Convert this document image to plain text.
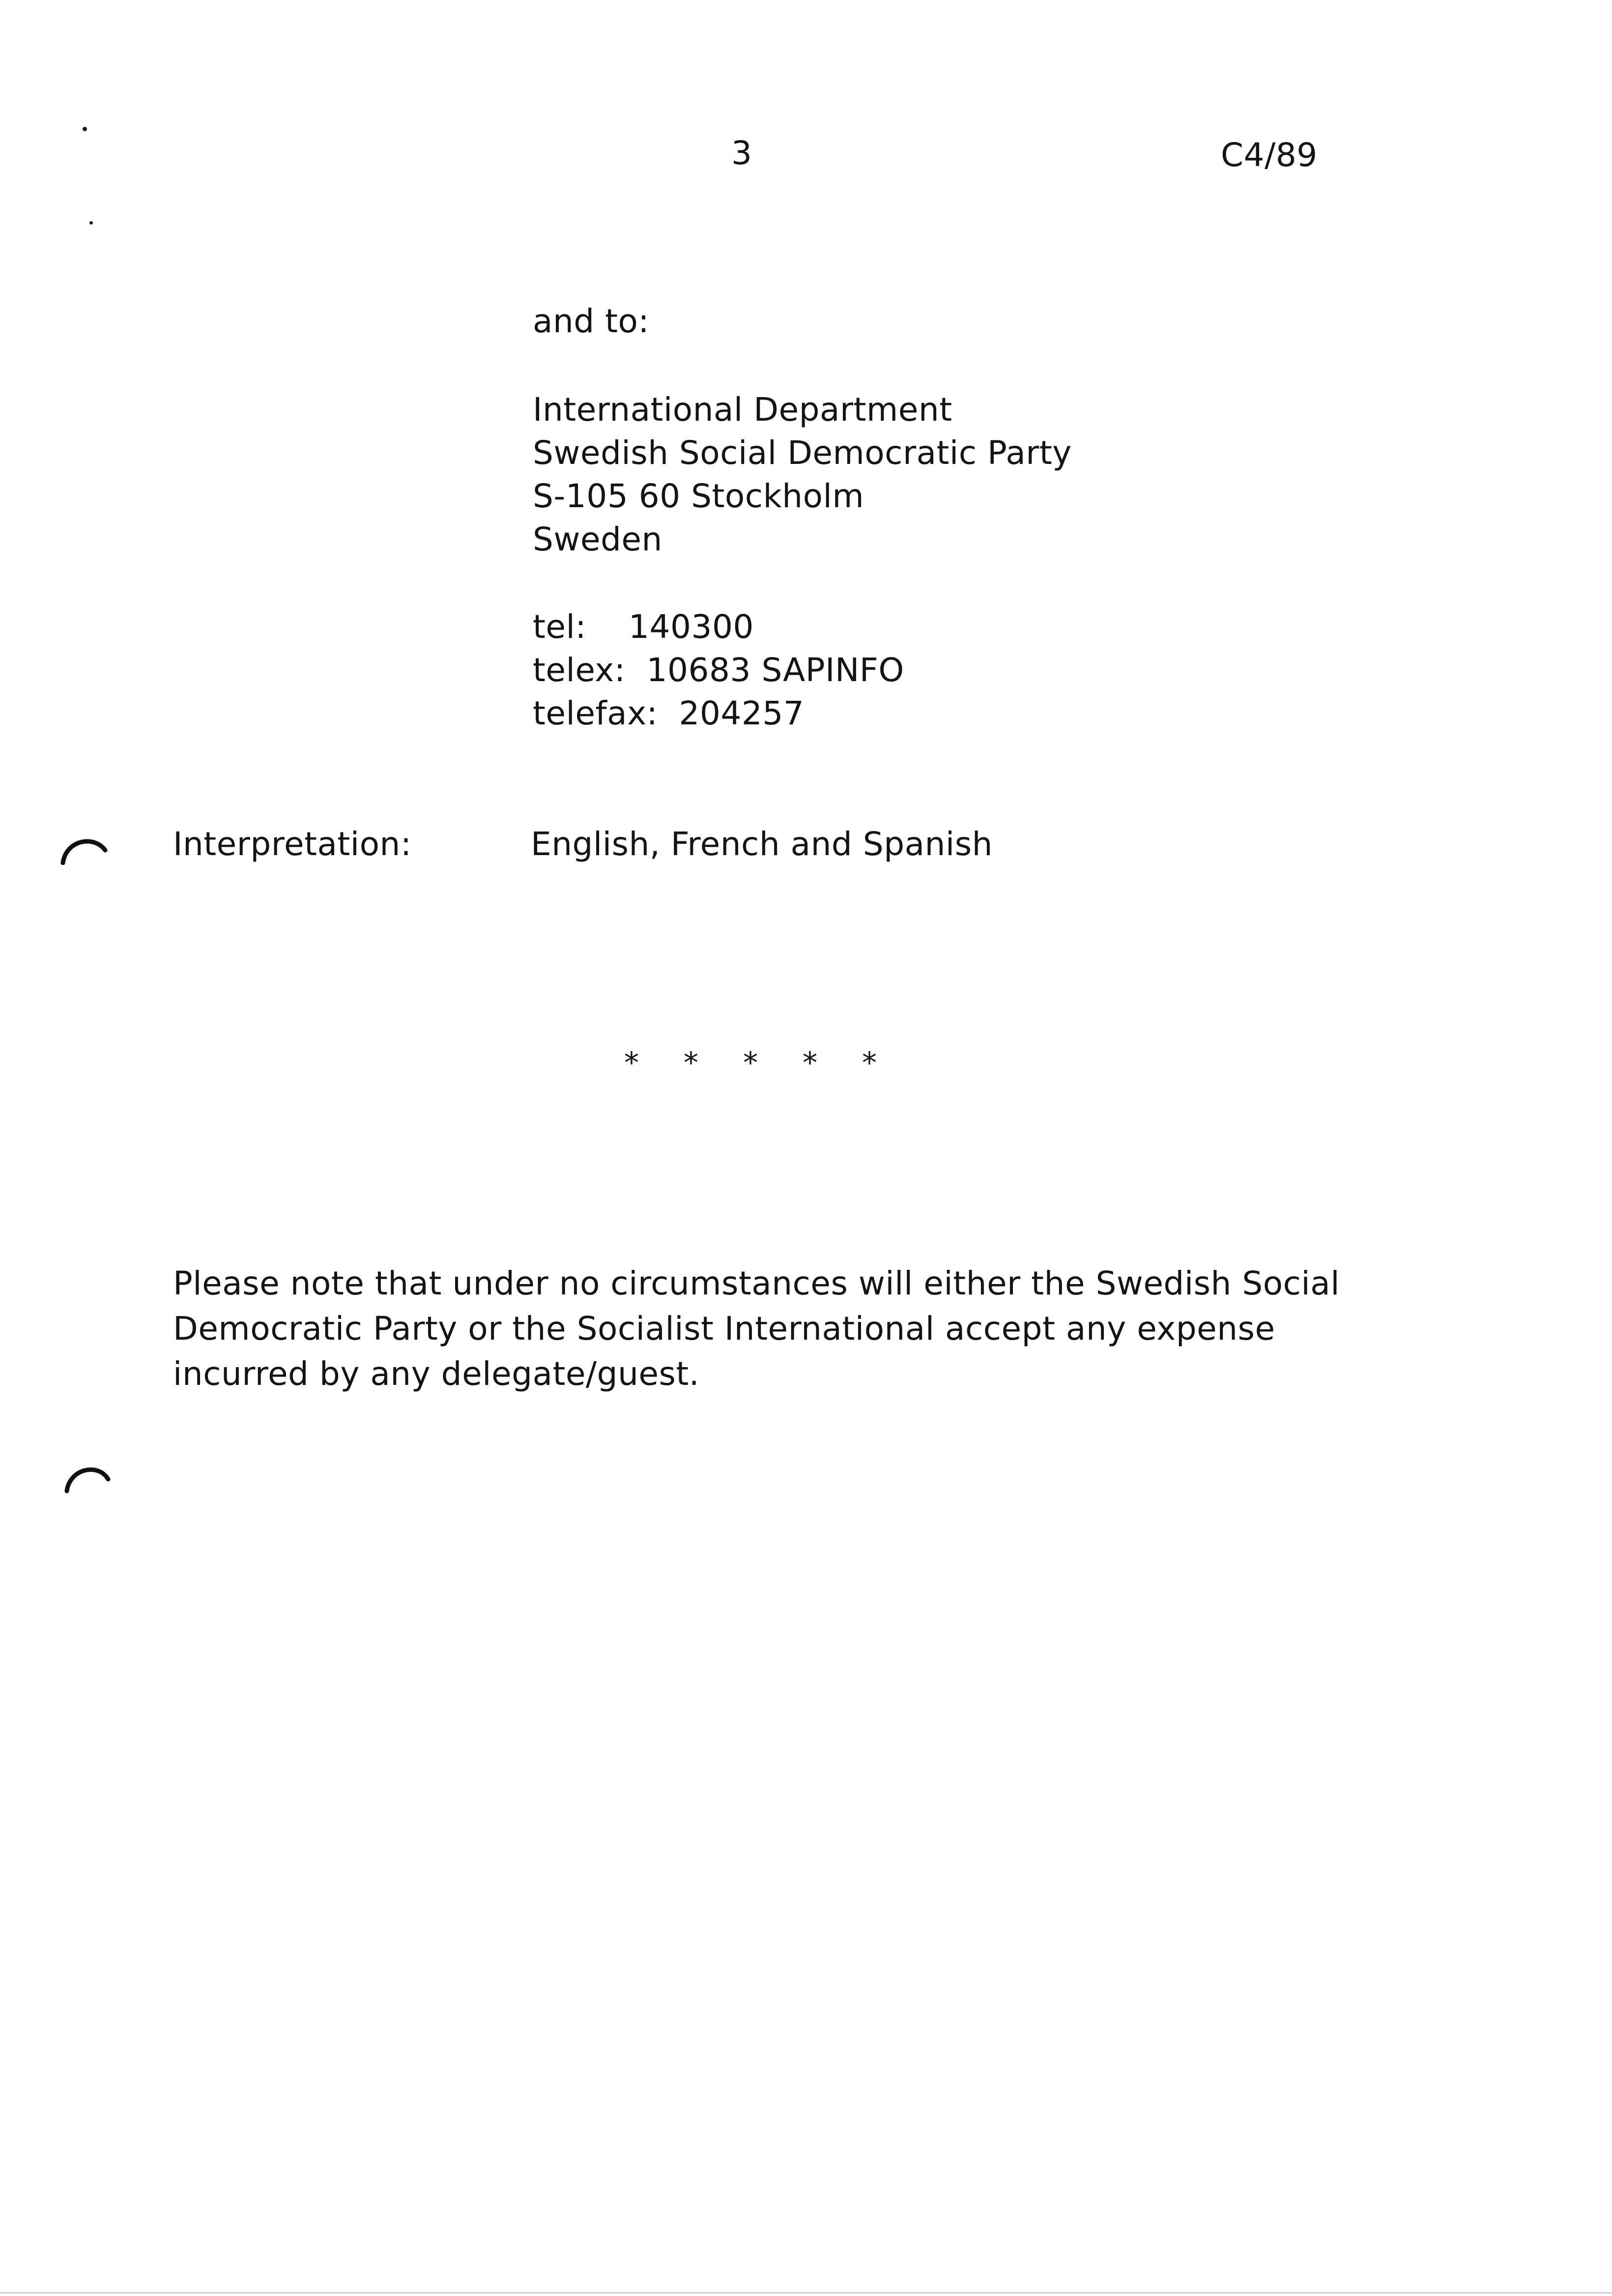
3	C4/89
and to:
International Department
Swedish Social Democratic Party
S-105 60 Stockholm
Sweden
tel:    140300
telex:  10683 SAPINFO
telefax:  204257
Interpretation:	English, French and Spanish
* * * * *
Please note that under no circumstances will either the Swedish Social
Democratic Party or the Socialist International accept any expense
incurred by any delegate/guest.
